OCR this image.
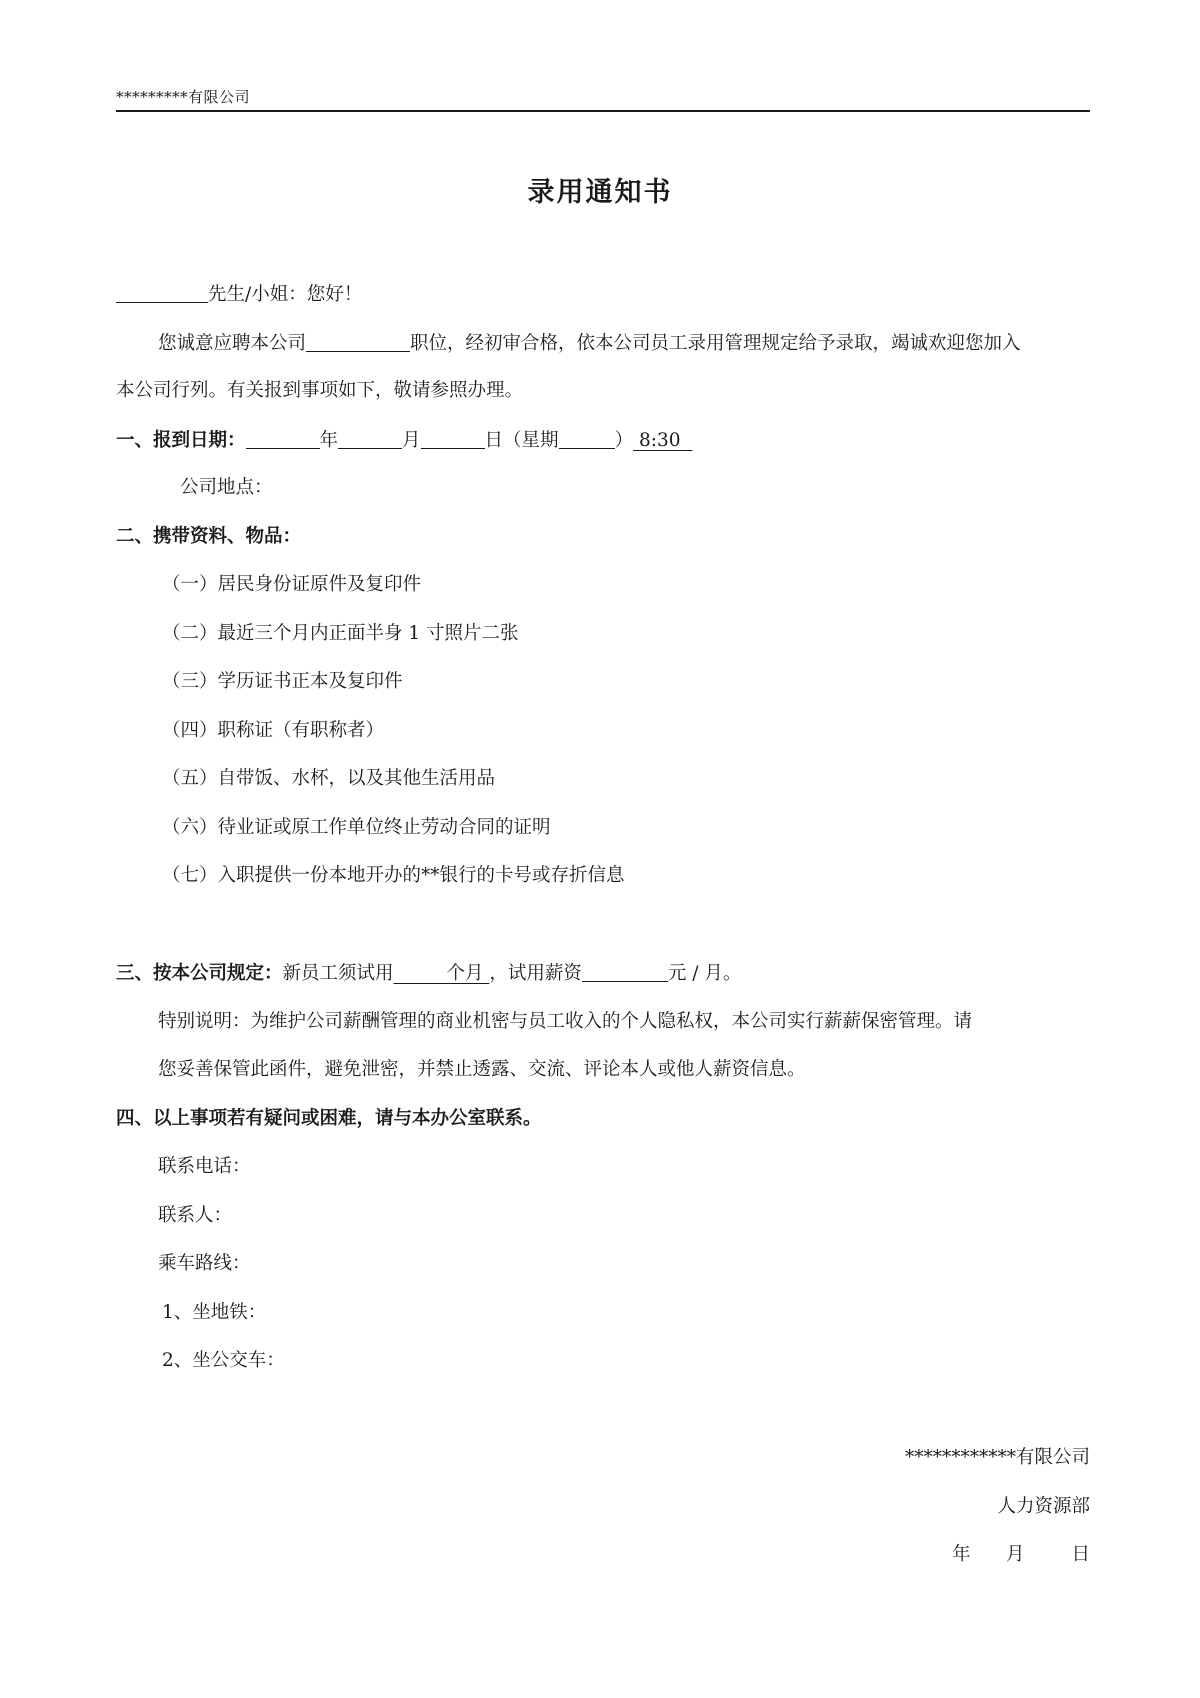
*********有限公司
录用通知书
先生/小姐：您好！
您诚意应聘本公司	职位，经初审合格，依本公司员工录用管理规定给予录取，竭诚欢迎您加入
本公司行列。有关报到事项如下，敬请参照办理。
一、报到日期：	年	月	日（星期	） 8:30
公司地点：
二、携带资料、物品：
（一）居民身份证原件及复印件
（二）最近三个月内正面半身 1 寸照片二张
（三）学历证书正本及复印件
（四）职称证（有职称者）
（五）自带饭、水杯，以及其他生活用品
（六）待业证或原工作单位终止劳动合同的证明
（七）入职提供一份本地开办的**银行的卡号或存折信息
三、按本公司规定：新员工须试用	个月 ，试用薪资	元 / 月。
特别说明：为维护公司薪酬管理的商业机密与员工收入的个人隐私权，本公司实行薪薪保密管理。请
您妥善保管此函件，避免泄密，并禁止透露、交流、评论本人或他人薪资信息。
四、以上事项若有疑问或困难，请与本办公室联系。
联系电话：
联系人：
乘车路线：
1、坐地铁：
2、坐公交车：
************有限公司
人力资源部
年      月        日
